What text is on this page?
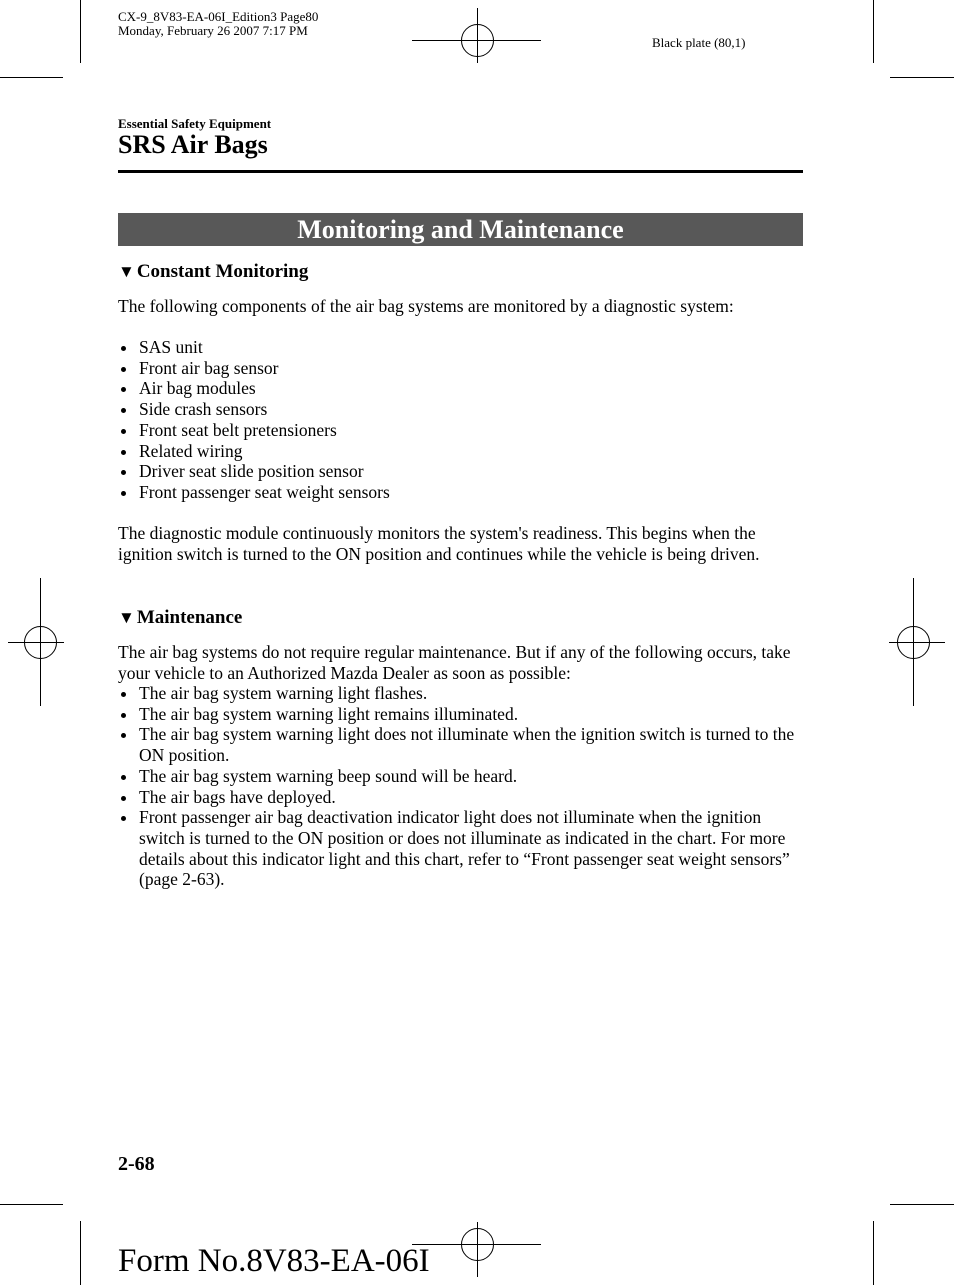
CX-9_8V83-EA-06I_Edition3 Page80
Monday, February 26 2007 7:17 PM
Black plate (80,1)
Essential Safety Equipment
SRS Air Bags
Monitoring and Maintenance
▼ Constant Monitoring
The following components of the air bag systems are monitored by a diagnostic system:
SAS unit
Front air bag sensor
Air bag modules
Side crash sensors
Front seat belt pretensioners
Related wiring
Driver seat slide position sensor
Front passenger seat weight sensors
The diagnostic module continuously monitors the system's readiness. This begins when the ignition switch is turned to the ON position and continues while the vehicle is being driven.
▼ Maintenance
The air bag systems do not require regular maintenance. But if any of the following occurs, take your vehicle to an Authorized Mazda Dealer as soon as possible:
The air bag system warning light flashes.
The air bag system warning light remains illuminated.
The air bag system warning light does not illuminate when the ignition switch is turned to the ON position.
The air bag system warning beep sound will be heard.
The air bags have deployed.
Front passenger air bag deactivation indicator light does not illuminate when the ignition switch is turned to the ON position or does not illuminate as indicated in the chart. For more details about this indicator light and this chart, refer to “Front passenger seat weight sensors” (page 2-63).
2-68
Form No.8V83-EA-06I
